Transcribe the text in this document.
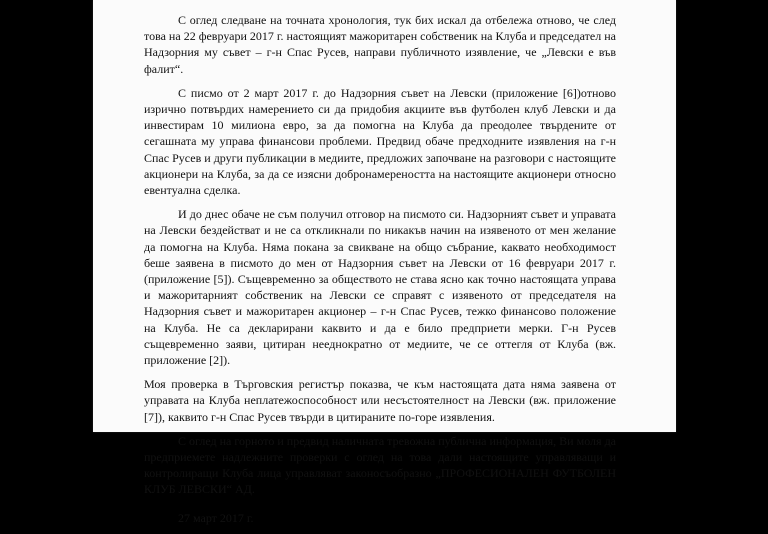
С оглед следване на точната хронология, тук бих искал да отбележа отново, че след това на 22 февруари 2017 г. настоящият мажоритарен собственик на Клуба и председател на Надзорния му съвет – г-н Спас Русев, направи публичното изявление, че „Левски е във фалит“.

С писмо от 2 март 2017 г. до Надзорния съвет на Левски (приложение [6])отново изрично потвърдих намерението си да придобия акциите във футболен клуб Левски и да инвестирам 10 милиона евро, за да помогна на Клуба да преодолее твърдените от сегашната му управа финансови проблеми. Предвид обаче предходните изявления на г-н Спас Русев и други публикации в медиите, предложих започване на разговори с настоящите акционери на Клуба, за да се изясни добронамереността на настоящите акционери относно евентуална сделка.

И до днес обаче не съм получил отговор на писмото си. Надзорният съвет и управата на Левски бездействат и не са откликнали по никакъв начин на изявеното от мен желание да помогна на Клуба. Няма покана за свикване на общо събрание, каквато необходимост беше заявена в писмото до мен от Надзорния съвет на Левски от 16 февруари 2017 г. (приложение [5]). Същевременно за обществото не става ясно как точно настоящата управа и мажоритарният собственик на Левски се справят с изявеното от председателя на Надзорния съвет и мажоритарен акционер – г-н Спас Русев, тежко финансово положение на Клуба. Не са декларирани каквито и да е било предприети мерки. Г-н Русев същевременно заяви, цитиран нееднократно от медиите, че се оттегля от Клуба (вж. приложение [2]).

Моя проверка в Търговския регистър показва, че към настоящата дата няма заявена от управата на Клуба неплатежоспособност или несъстоятелност на Левски (вж. приложение [7]), каквито г-н Спас Русев твърди в цитираните по-горе изявления.

С оглед на горното и предвид наличната тревожна публична информация, Ви моля да предприемете надлежните проверки с оглед на това дали настоящите управляващи и контролиращи Клуба лица управляват законосъобразно „ПРОФЕСИОНАЛЕН ФУТБОЛЕН КЛУБ ЛЕВСКИ“ АД.

27 март 2017 г.
